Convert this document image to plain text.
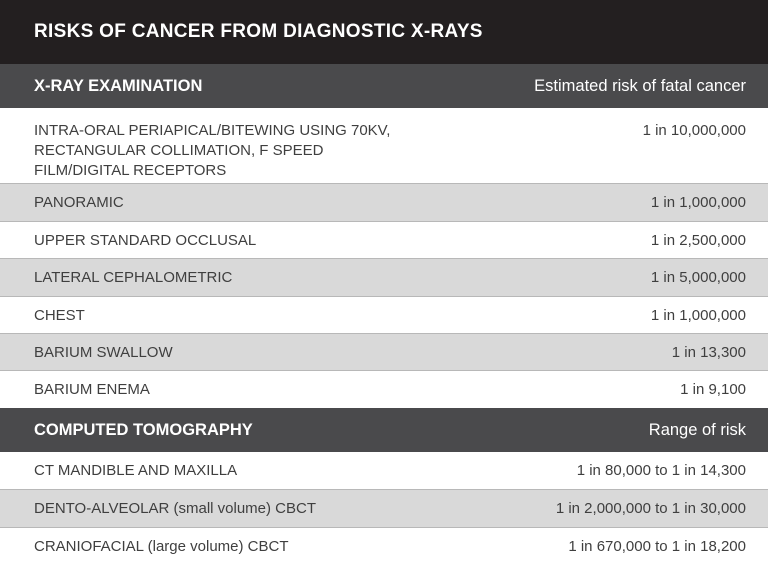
RISKS OF CANCER FROM DIAGNOSTIC X-RAYS
X-RAY EXAMINATION	Estimated risk of fatal cancer
INTRA-ORAL PERIAPICAL/BITEWING USING 70KV,
RECTANGULAR COLLIMATION, F SPEED
FILM/DIGITAL RECEPTORS
1 in 10,000,000
PANORAMIC	1 in 1,000,000
UPPER STANDARD OCCLUSAL	1 in 2,500,000
LATERAL CEPHALOMETRIC	1 in 5,000,000
CHEST	1 in 1,000,000
BARIUM SWALLOW	1 in 13,300
BARIUM ENEMA	1 in 9,100
COMPUTED TOMOGRAPHY	Range of risk
CT MANDIBLE AND MAXILLA	1 in 80,000 to 1 in 14,300
DENTO-ALVEOLAR (small volume) CBCT	1 in 2,000,000 to 1 in 30,000
CRANIOFACIAL (large volume) CBCT	1 in 670,000 to 1 in 18,200
